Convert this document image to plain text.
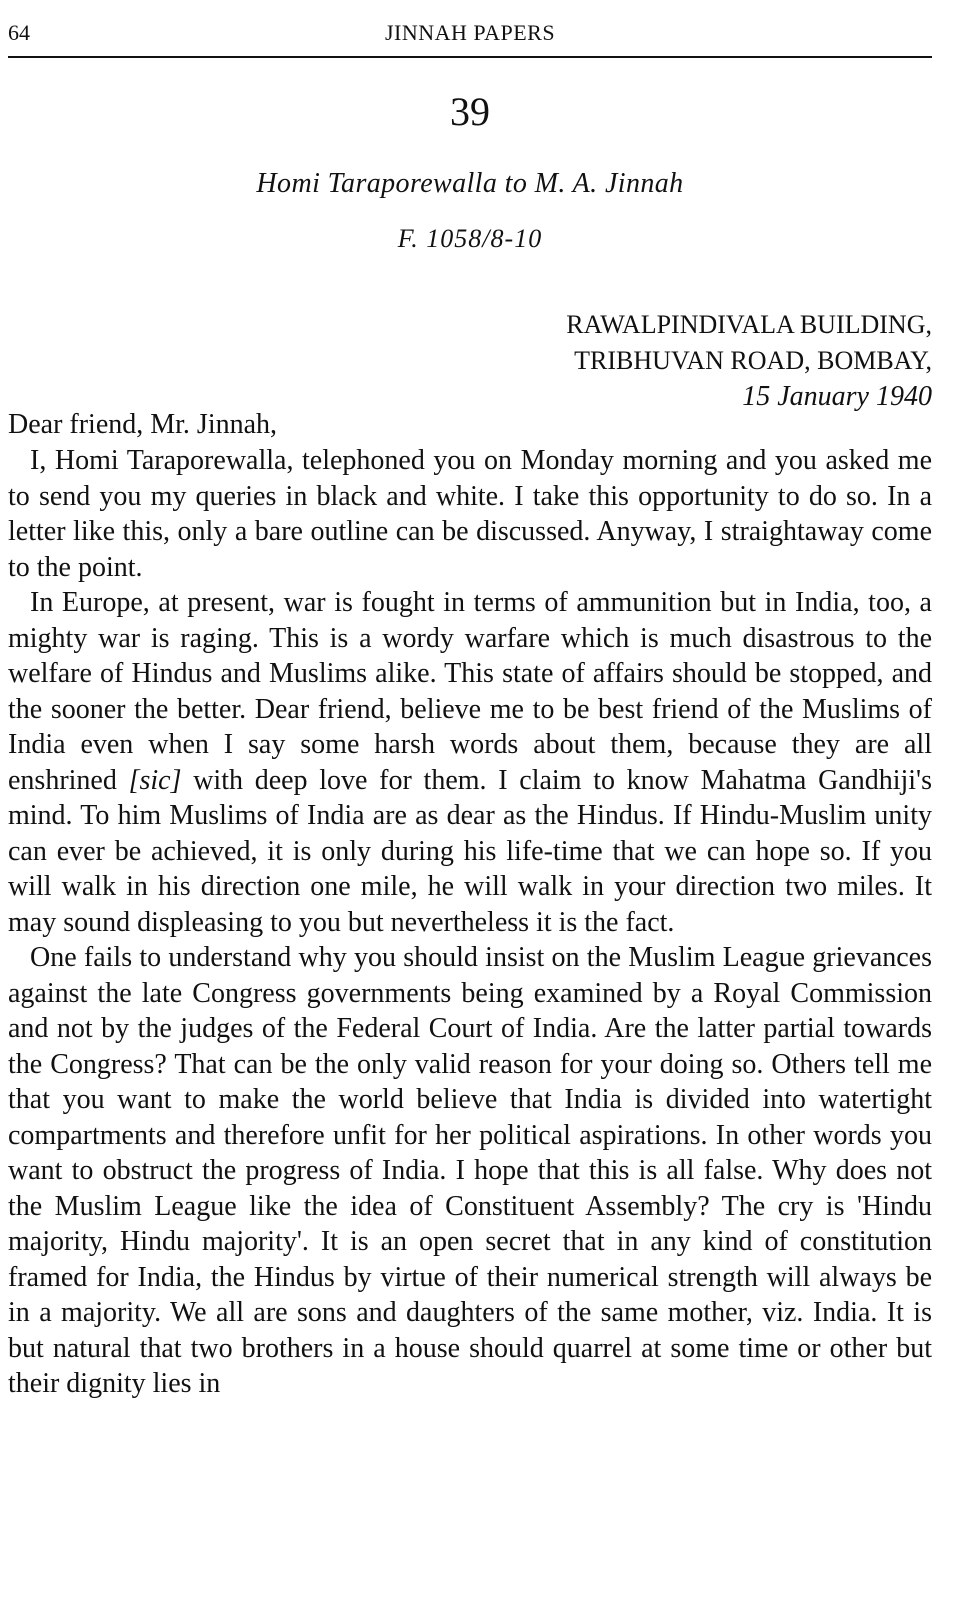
64	JINNAH PAPERS
39
Homi Taraporewalla to M. A. Jinnah
F. 1058/8-10
RAWALPINDIVALA BUILDING,
TRIBHUVAN ROAD, BOMBAY,
15 January 1940
Dear friend, Mr. Jinnah,

I, Homi Taraporewalla, telephoned you on Monday morning and you asked me to send you my queries in black and white. I take this opportunity to do so. In a letter like this, only a bare outline can be discussed. Anyway, I straightaway come to the point.

In Europe, at present, war is fought in terms of ammunition but in India, too, a mighty war is raging. This is a wordy warfare which is much disastrous to the welfare of Hindus and Muslims alike. This state of affairs should be stopped, and the sooner the better. Dear friend, believe me to be best friend of the Muslims of India even when I say some harsh words about them, because they are all enshrined [sic] with deep love for them. I claim to know Mahatma Gandhiji's mind. To him Muslims of India are as dear as the Hindus. If Hindu-Muslim unity can ever be achieved, it is only during his life-time that we can hope so. If you will walk in his direction one mile, he will walk in your direction two miles. It may sound displeasing to you but nevertheless it is the fact.

One fails to understand why you should insist on the Muslim League grievances against the late Congress governments being examined by a Royal Commission and not by the judges of the Federal Court of India. Are the latter partial towards the Congress? That can be the only valid reason for your doing so. Others tell me that you want to make the world believe that India is divided into watertight compartments and therefore unfit for her political aspirations. In other words you want to obstruct the progress of India. I hope that this is all false. Why does not the Muslim League like the idea of Constituent Assembly? The cry is 'Hindu majority, Hindu majority'. It is an open secret that in any kind of constitution framed for India, the Hindus by virtue of their numerical strength will always be in a majority. We all are sons and daughters of the same mother, viz. India. It is but natural that two brothers in a house should quarrel at some time or other but their dignity lies in
